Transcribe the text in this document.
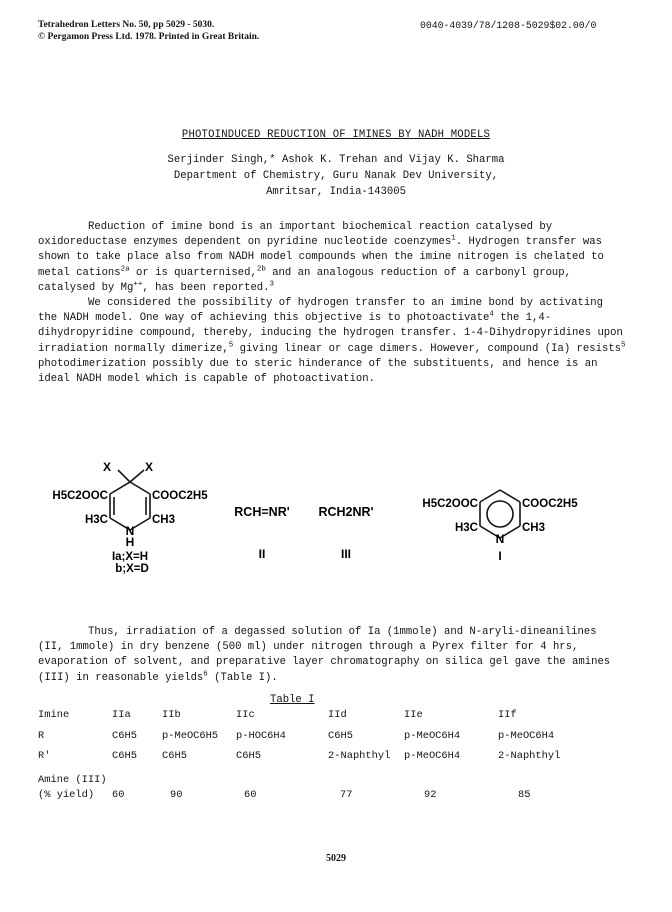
Tetrahedron Letters No. 50, pp 5029 - 5030.
© Pergamon Press Ltd. 1978. Printed in Great Britain.
0040-4039/78/1208-5029$02.00/0
PHOTOINDUCED REDUCTION OF IMINES BY NADH MODELS
Serjinder Singh,* Ashok K. Trehan and Vijay K. Sharma
Department of Chemistry, Guru Nanak Dev University,
Amritsar, India-143005

Reduction of imine bond is an important biochemical reaction catalysed by oxidoreductase enzymes dependent on pyridine nucleotide coenzymes$^1$. Hydrogen transfer was shown to take place also from NADH model compounds when the imine nitrogen is chelated to metal cations$^{2a}$ or is quarternised,$^{2b}$ and an analogous reduction of a carbonyl group, catalysed by Mg++, has been reported.$^3$

We considered the possibility of hydrogen transfer to an imine bond by activating the NADH model. One way of achieving this objective is to photoactivate$^4$ the 1,4-dihydropyridine compound, thereby, inducing the hydrogen transfer. 1-4-Dihydropyridines upon irradiation normally dimerize,$^5$ giving linear or cage dimers. However, compound (Ia) resists$^5$ photodimerization possibly due to steric hinderance of the substituents, and hence is an ideal NADH model which is capable of photoactivation.

X	X
H5C2OOC	COOC2H5
H3C	CH3
N
H
Ia;X=H
b;X=D
RCH=NR'
II
RCH2NR'
III
H5C2OOC	COOC2H5
H3C	CH3
N
I

Thus, irradiation of a degassed solution of Ia (1mmole) and N-aryli-dineanilines (II, 1mmole) in dry benzene (500 ml) under nitrogen through a Pyrex filter for 4 hrs, evaporation of solvent, and preparative layer chromatography on silica gel gave the amines (III) in reasonable yields$^6$ (Table I).

Table I
Imine	IIa	IIb	IIc	IId	IIe	IIf
R	C6H5	p-MeOC6H5	p-HOC6H4	C6H5	p-MeOC6H4	p-MeOC6H4
R'	C6H5	C6H5	C6H5	2-Naphthyl	p-MeOC6H4	2-Naphthyl
Amine (III)						
(% yield)	60	90	60	77	92	85
5029
